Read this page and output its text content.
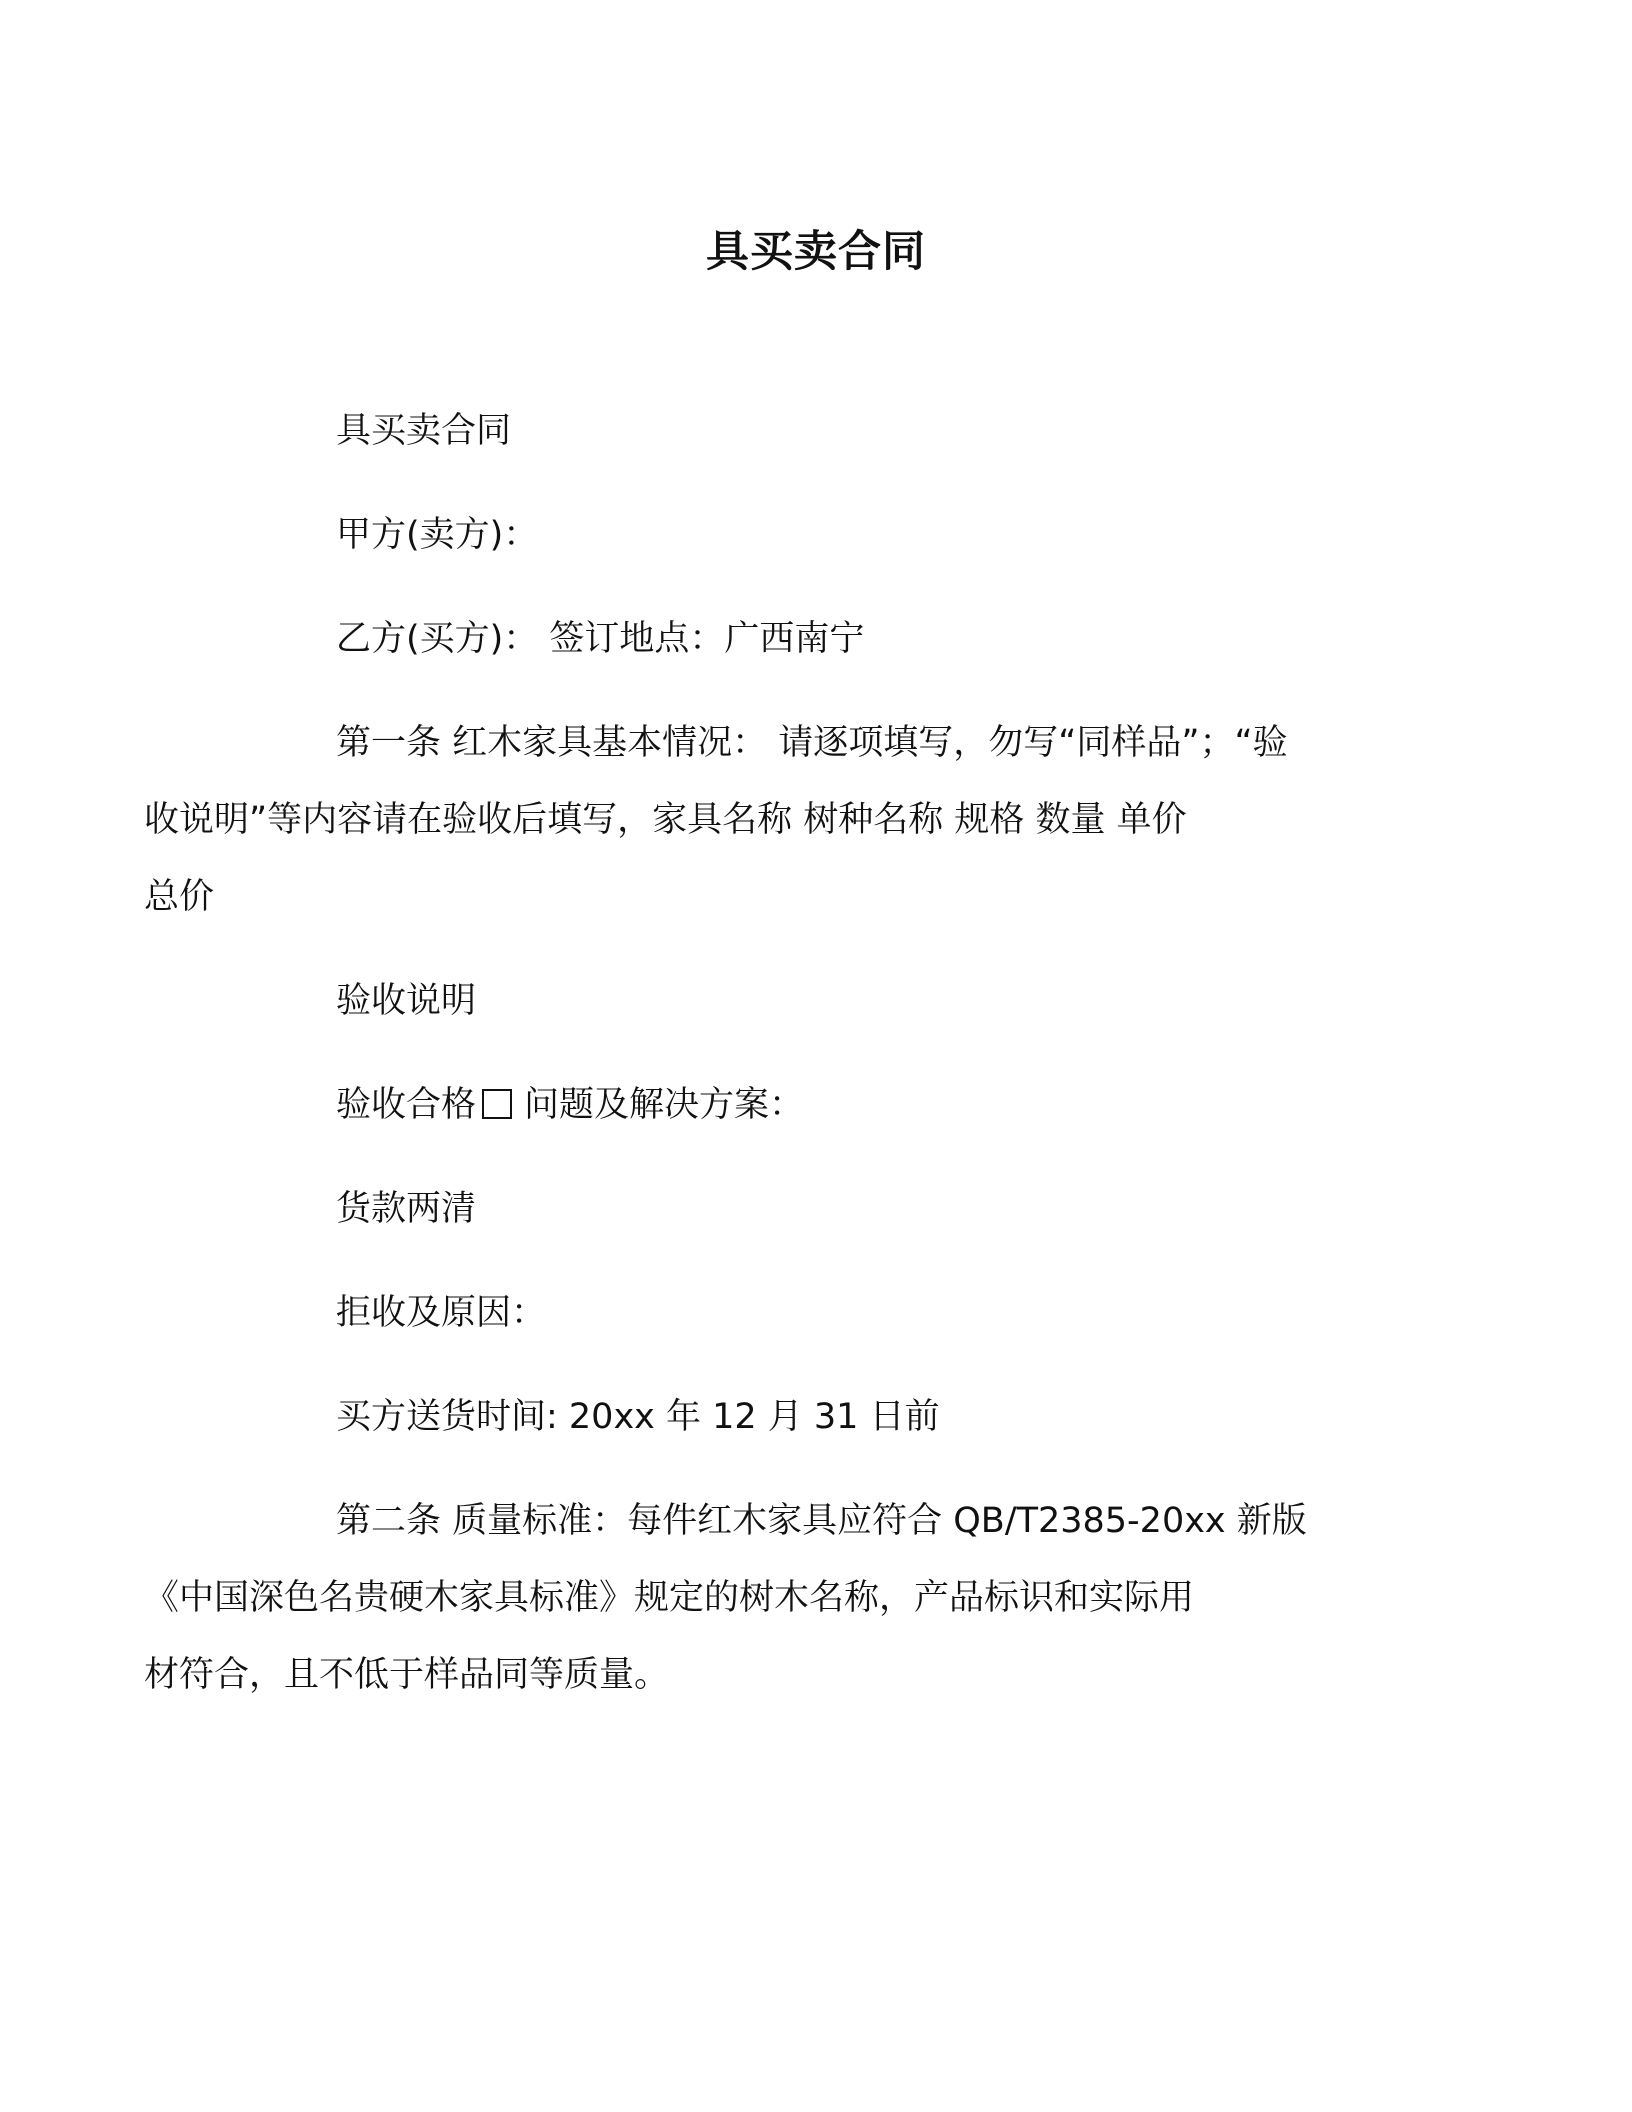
具买卖合同

具买卖合同

甲方(卖方)：

乙方(买方)： 签订地点：广西南宁

第一条 红木家具基本情况： 请逐项填写，勿写“同样品”；“验
收说明”等内容请在验收后填写，家具名称 树种名称 规格 数量 单价
总价

验收说明

验收合格 问题及解决方案：

货款两清

拒收及原因：

买方送货时间: 20xx 年 12 月 31 日前

第二条 质量标准：每件红木家具应符合 QB/T2385-20xx 新版
《中国深色名贵硬木家具标准》规定的树木名称，产品标识和实际用
材符合，且不低于样品同等质量。
